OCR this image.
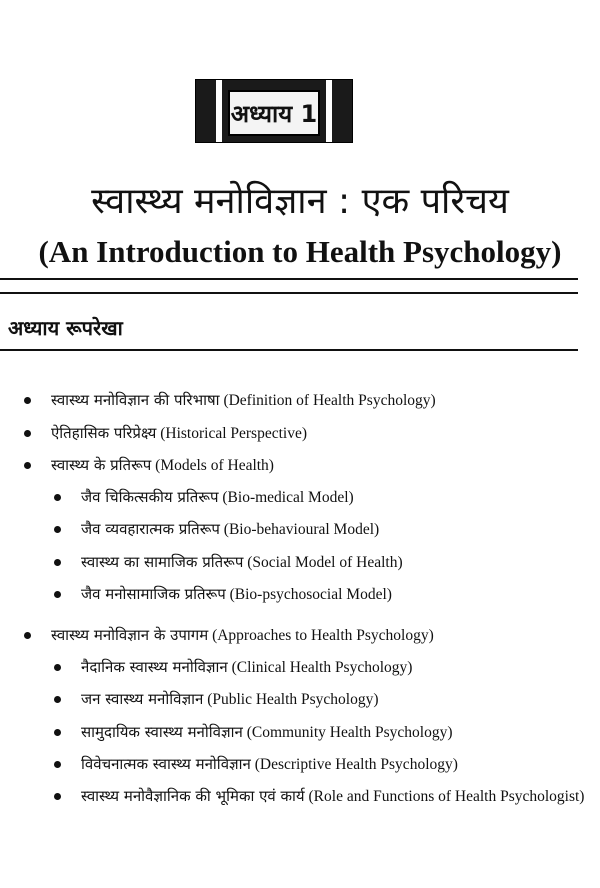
अध्याय 1
स्वास्थ्य मनोविज्ञान : एक परिचय
(An Introduction to Health Psychology)
अध्याय रूपरेखा
स्वास्थ्य मनोविज्ञान की परिभाषा (Definition of Health Psychology)
ऐतिहासिक परिप्रेक्ष्य (Historical Perspective)
स्वास्थ्य के प्रतिरूप (Models of Health)
जैव चिकित्सकीय प्रतिरूप (Bio-medical Model)
जैव व्यवहारात्मक प्रतिरूप (Bio-behavioural Model)
स्वास्थ्य का सामाजिक प्रतिरूप (Social Model of Health)
जैव मनोसामाजिक प्रतिरूप (Bio-psychosocial Model)
स्वास्थ्य मनोविज्ञान के उपागम (Approaches to Health Psychology)
नैदानिक स्वास्थ्य मनोविज्ञान (Clinical Health Psychology)
जन स्वास्थ्य मनोविज्ञान (Public Health Psychology)
सामुदायिक स्वास्थ्य मनोविज्ञान (Community Health Psychology)
विवेचनात्मक स्वास्थ्य मनोविज्ञान (Descriptive Health Psychology)
स्वास्थ्य मनोवैज्ञानिक की भूमिका एवं कार्य (Role and Functions of Health Psychologist)
